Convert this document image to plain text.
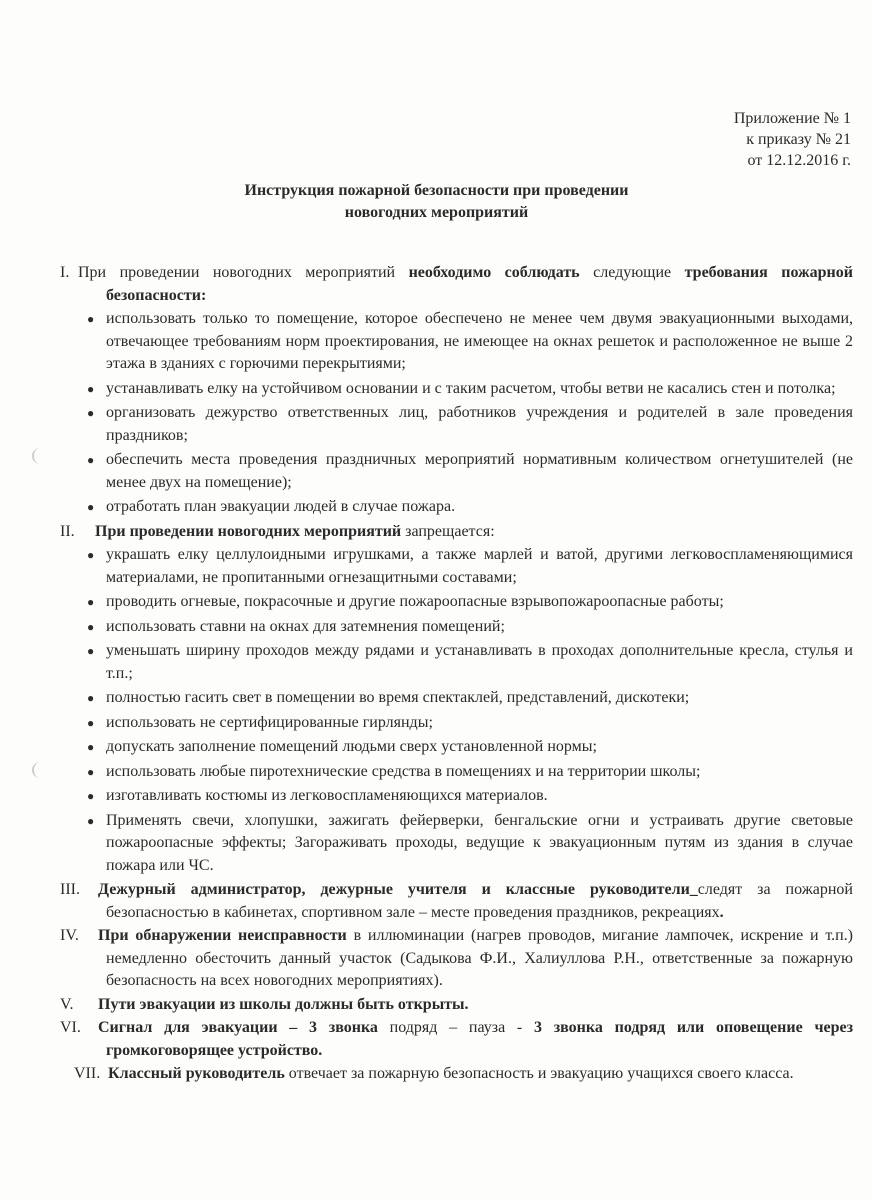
Приложение № 1
к приказу № 21
от 12.12.2016 г.
Инструкция пожарной безопасности при проведении
новогодних мероприятий
I. При проведении новогодних мероприятий необходимо соблюдать следующие требования пожарной безопасности:
● использовать только то помещение, которое обеспечено не менее чем двумя эвакуационными выходами, отвечающее требованиям норм проектирования, не имеющее на окнах решеток и расположенное не выше 2 этажа в зданиях с горючими перекрытиями;
● устанавливать елку на устойчивом основании и с таким расчетом, чтобы ветви не касались стен и потолка;
● организовать дежурство ответственных лиц, работников учреждения и родителей в зале проведения праздников;
● обеспечить места проведения праздничных мероприятий нормативным количеством огнетушителей (не менее двух на помещение);
● отработать план эвакуации людей в случае пожара.
II. При проведении новогодних мероприятий запрещается:
● украшать елку целлулоидными игрушками, а также марлей и ватой, другими легковоспламеняющимися материалами, не пропитанными огнезащитными составами;
● проводить огневые, покрасочные и другие пожароопасные взрывопожароопасные работы;
● использовать ставни на окнах для затемнения помещений;
● уменьшать ширину проходов между рядами и устанавливать в проходах дополнительные кресла, стулья и т.п.;
● полностью гасить свет в помещении во время спектаклей, представлений, дискотеки;
● использовать не сертифицированные гирлянды;
● допускать заполнение помещений людьми сверх установленной нормы;
● использовать любые пиротехнические средства в помещениях и на территории школы;
● изготавливать костюмы из легковоспламеняющихся материалов.
● Применять свечи, хлопушки, зажигать фейерверки, бенгальские огни и устраивать другие световые пожароопасные эффекты; Загораживать проходы, ведущие к эвакуационным путям из здания в случае пожара или ЧС.
III. Дежурный администратор, дежурные учителя и классные руководители_следят за пожарной безопасностью в кабинетах, спортивном зале – месте проведения праздников, рекреациях.
IV. При обнаружении неисправности в иллюминации (нагрев проводов, мигание лампочек, искрение и т.п.) немедленно обесточить данный участок (Садыкова Ф.И., Халиуллова Р.Н., ответственные за пожарную безопасность на всех новогодних мероприятиях).
V. Пути эвакуации из школы должны быть открыты.
VI. Сигнал для эвакуации – 3 звонка подряд – пауза - 3 звонка подряд или оповещение через громкоговорящее устройство.
VII. Классный руководитель отвечает за пожарную безопасность и эвакуацию учащихся своего класса.
